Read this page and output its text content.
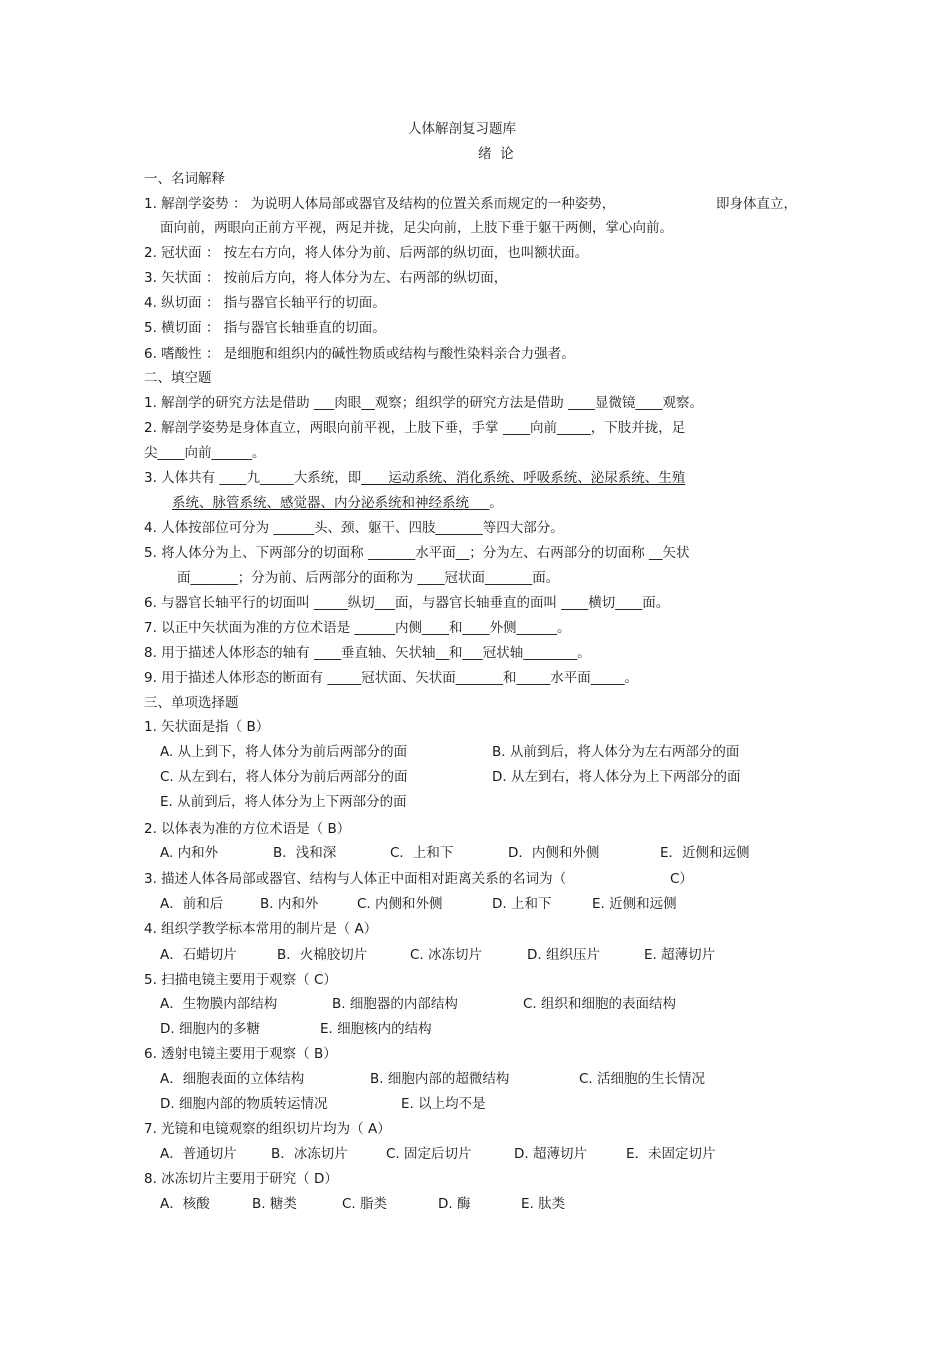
人体解剖复习题库
绪  论
一、名词解释
1. 解剖学姿势 ： 为说明人体局部或器官及结构的位置关系而规定的一种姿势，	即身体直立，
面向前，两眼向正前方平视，两足并拢，足尖向前，上肢下垂于躯干两侧，掌心向前。
2. 冠状面 ： 按左右方向，将人体分为前、后两部的纵切面，也叫额状面。
3. 矢状面 ： 按前后方向，将人体分为左、右两部的纵切面，
4. 纵切面 ： 指与器官长轴平行的切面。
5. 横切面 ： 指与器官长轴垂直的切面。
6. 嗜酸性 ： 是细胞和组织内的碱性物质或结构与酸性染料亲合力强者。
二、填空题
1. 解剖学的研究方法是借助 ___肉眼__观察；组织学的研究方法是借助 ____显微镜____观察。
2. 解剖学姿势是身体直立，两眼向前平视，上肢下垂，手掌 ____向前_____，下肢并拢，足
尖____向前______。
3. 人体共有 ____九_____大系统，即____运动系统、消化系统、呼吸系统、泌尿系统、生殖
系统、脉管系统、感觉器、内分泌系统和神经系统___。
4. 人体按部位可分为 ______头、颈、躯干、四肢_______等四大部分。
5. 将人体分为上、下两部分的切面称 _______水平面__；分为左、右两部分的切面称 __矢状
面_______；分为前、后两部分的面称为 ____冠状面_______面。
6. 与器官长轴平行的切面叫 _____纵切___面，与器官长轴垂直的面叫 ____横切____面。
7. 以正中矢状面为准的方位术语是 ______内侧____和____外侧______。
8. 用于描述人体形态的轴有 ____垂直轴、矢状轴__和___冠状轴________。
9. 用于描述人体形态的断面有 _____冠状面、矢状面_______和_____水平面_____。
三、单项选择题
1. 矢状面是指（ B）
A. 从上到下，将人体分为前后两部分的面	B. 从前到后，将人体分为左右两部分的面
C. 从左到右，将人体分为前后两部分的面	D. 从左到右，将人体分为上下两部分的面
E. 从前到后，将人体分为上下两部分的面
2. 以体表为准的方位术语是（ B）
A. 内和外	B．浅和深	C．上和下	D．内侧和外侧	E．近侧和远侧
3. 描述人体各局部或器官、结构与人体正中面相对距离关系的名词为（	C）
A．前和后	B. 内和外	C. 内侧和外侧	D. 上和下	E. 近侧和远侧
4. 组织学教学标本常用的制片是（ A）
A．石蜡切片	B．火棉胶切片	C. 冰冻切片	D. 组织压片	E. 超薄切片
5. 扫描电镜主要用于观察（ C）
A．生物膜内部结构	B. 细胞器的内部结构	C. 组织和细胞的表面结构
D. 细胞内的多糖	E. 细胞核内的结构
6. 透射电镜主要用于观察（ B）
A．细胞表面的立体结构	B. 细胞内部的超微结构	C. 活细胞的生长情况
D. 细胞内部的物质转运情况	E. 以上均不是
7. 光镜和电镜观察的组织切片均为（ A）
A．普通切片	B．冰冻切片	C. 固定后切片	D. 超薄切片	E．未固定切片
8. 冰冻切片主要用于研究（ D）
A．核酸	B. 糖类	C. 脂类	D. 酶	E. 肽类
